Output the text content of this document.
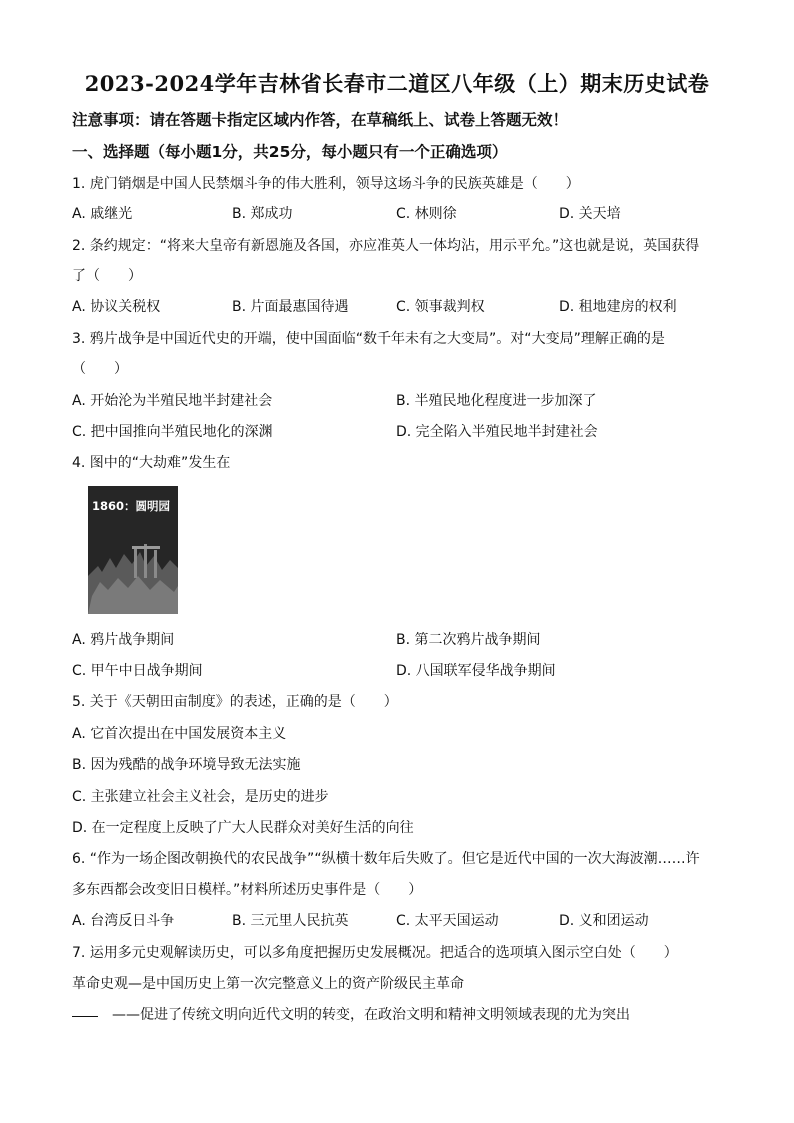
2023-2024学年吉林省长春市二道区八年级（上）期末历史试卷
注意事项：请在答题卡指定区域内作答，在草稿纸上、试卷上答题无效！
一、选择题（每小题1分，共25分，每小题只有一个正确选项）
1. 虎门销烟是中国人民禁烟斗争的伟大胜利，领导这场斗争的民族英雄是（　　）
A. 戚继光	B. 郑成功	C. 林则徐	D. 关天培
2. 条约规定：“将来大皇帝有新恩施及各国，亦应准英人一体均沾，用示平允。”这也就是说，英国获得
了（　　）
A. 协议关税权	B. 片面最惠国待遇	C. 领事裁判权	D. 租地建房的权利
3. 鸦片战争是中国近代史的开端，使中国面临“数千年未有之大变局”。对“大变局”理解正确的是
（　　）
A. 开始沦为半殖民地半封建社会	B. 半殖民地化程度进一步加深了
C. 把中国推向半殖民地化的深渊	D. 完全陷入半殖民地半封建社会
4. 图中的“大劫难”发生在
1860：圆明园
A. 鸦片战争期间	B. 第二次鸦片战争期间
C. 甲午中日战争期间	D. 八国联军侵华战争期间
5. 关于《天朝田亩制度》的表述，正确的是（　　）
A. 它首次提出在中国发展资本主义
B. 因为残酷的战争环境导致无法实施
C. 主张建立社会主义社会，是历史的进步
D. 在一定程度上反映了广大人民群众对美好生活的向往
6. “作为一场企图改朝换代的农民战争”“纵横十数年后失败了。但它是近代中国的一次大海波潮……许
多东西都会改变旧日模样。”材料所述历史事件是（　　）
A. 台湾反日斗争	B. 三元里人民抗英	C. 太平天国运动	D. 义和团运动
7. 运用多元史观解读历史，可以多角度把握历史发展概况。把适合的选项填入图示空白处（　　）
革命史观—是中国历史上第一次完整意义上的资产阶级民主革命
——促进了传统文明向近代文明的转变，在政治文明和精神文明领域表现的尤为突出
